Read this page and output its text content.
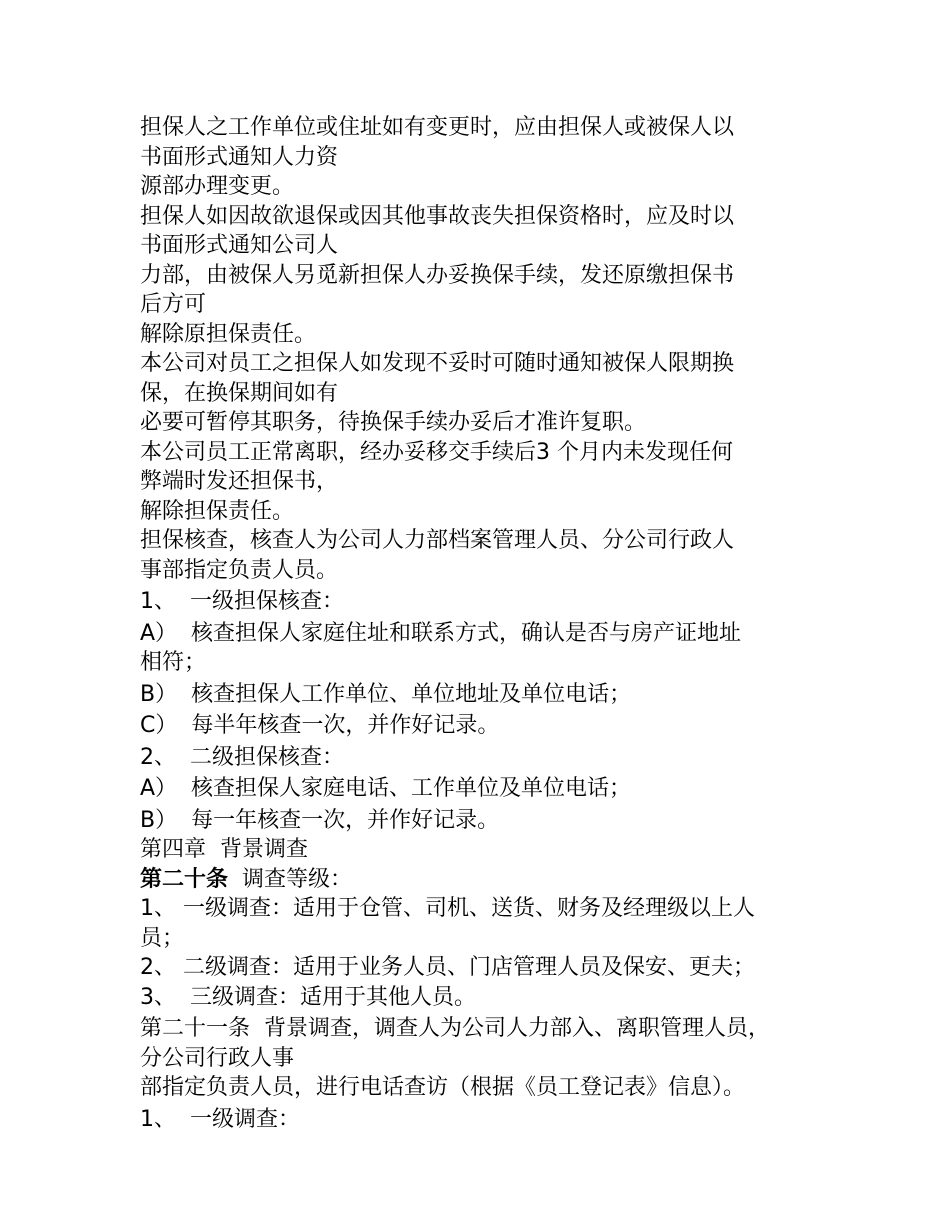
担保人之工作单位或住址如有变更时，应由担保人或被保人以
书面形式通知人力资
源部办理变更。
担保人如因故欲退保或因其他事故丧失担保资格时，应及时以
书面形式通知公司人
力部，由被保人另觅新担保人办妥换保手续，发还原缴担保书
后方可
解除原担保责任。
本公司对员工之担保人如发现不妥时可随时通知被保人限期换
保，在换保期间如有
必要可暂停其职务，待换保手续办妥后才准许复职。
本公司员工正常离职，经办妥移交手续后3 个月内未发现任何
弊端时发还担保书，
解除担保责任。
担保核查，核查人为公司人力部档案管理人员、分公司行政人
事部指定负责人员。
1、  一级担保核查：
A）  核查担保人家庭住址和联系方式，确认是否与房产证地址
相符；
B）  核查担保人工作单位、单位地址及单位电话；
C）  每半年核查一次，并作好记录。
2、  二级担保核查：
A）  核查担保人家庭电话、工作单位及单位电话；
B）  每一年核查一次，并作好记录。
第四章  背景调查
第二十条 调查等级：
1、 一级调查：适用于仓管、司机、送货、财务及经理级以上人
员；
2、 二级调查：适用于业务人员、门店管理人员及保安、更夫；
3、  三级调查：适用于其他人员。
第二十一条  背景调查，调查人为公司人力部入、离职管理人员，
分公司行政人事
部指定负责人员，进行电话查访（根据《员工登记表》信息）。
1、  一级调查：
